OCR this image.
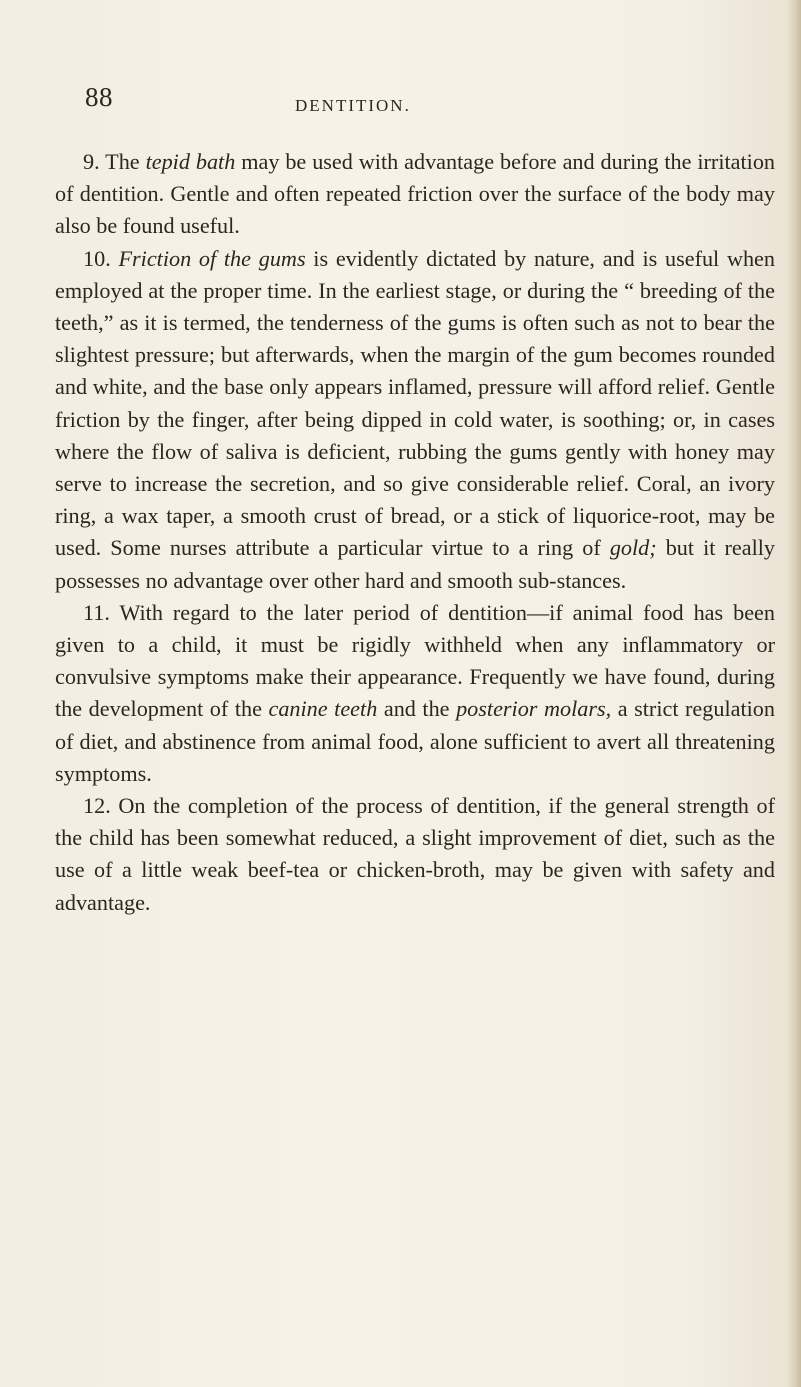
88	DENTITION.

9. The tepid bath may be used with advantage before and during the irritation of dentition. Gentle and often repeated friction over the surface of the body may also be found useful.

10. Friction of the gums is evidently dictated by nature, and is useful when employed at the proper time. In the earliest stage, or during the “ breeding of the teeth,” as it is termed, the tenderness of the gums is often such as not to bear the slightest pressure; but afterwards, when the margin of the gum becomes rounded and white, and the base only appears inflamed, pressure will afford relief. Gentle friction by the finger, after being dipped in cold water, is soothing; or, in cases where the flow of saliva is deficient, rubbing the gums gently with honey may serve to increase the secretion, and so give considerable relief. Coral, an ivory ring, a wax taper, a smooth crust of bread, or a stick of liquorice-root, may be used. Some nurses attribute a particular virtue to a ring of gold; but it really possesses no advantage over other hard and smooth sub-stances.

11. With regard to the later period of dentition—if animal food has been given to a child, it must be rigidly withheld when any inflammatory or convulsive symptoms make their appearance. Frequently we have found, during the development of the canine teeth and the posterior molars, a strict regulation of diet, and abstinence from animal food, alone sufficient to avert all threatening symptoms.

12. On the completion of the process of dentition, if the general strength of the child has been somewhat reduced, a slight improvement of diet, such as the use of a little weak beef-tea or chicken-broth, may be given with safety and advantage.
